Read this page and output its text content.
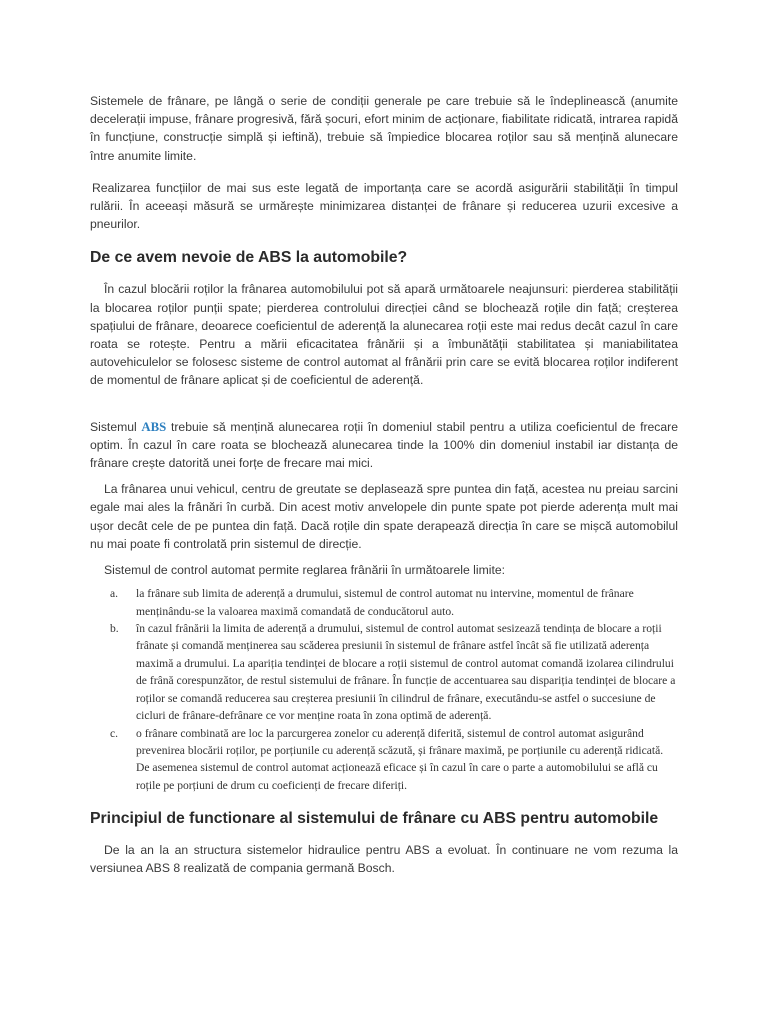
Sistemele de frânare, pe lângă o serie de condiții generale pe care trebuie să le îndeplinească (anumite decelerații impuse, frânare progresivă, fără șocuri, efort minim de acționare, fiabilitate ridicată, intrarea rapidă în funcțiune, construcție simplă și ieftină), trebuie să împiedice blocarea roților sau să mențină alunecare între anumite limite.

Realizarea funcțiilor de mai sus este legată de importanța care se acordă asigurării stabilității în timpul rulării. În aceeași măsură se urmărește minimizarea distanței de frânare și reducerea uzurii excesive a pneurilor.

De ce avem nevoie de ABS la automobile?

În cazul blocării roților la frânarea automobilului pot să apară următoarele neajunsuri: pierderea stabilității la blocarea roților punții spate; pierderea controlului direcției când se blochează roțile din față; creșterea spațiului de frânare, deoarece coeficientul de aderență la alunecarea roții este mai redus decât cazul în care roata se rotește. Pentru a mării eficacitatea frânării și a îmbunătății stabilitatea și maniabilitatea autovehiculelor se folosesc sisteme de control automat al frânării prin care se evită blocarea roților indiferent de momentul de frânare aplicat și de coeficientul de aderență.

Sistemul ABS trebuie să mențină alunecarea roții în domeniul stabil pentru a utiliza coeficientul de frecare optim. În cazul în care roata se blochează alunecarea tinde la 100% din domeniul instabil iar distanța de frânare crește datorită unei forțe de frecare mai mici.

La frânarea unui vehicul, centru de greutate se deplasează spre puntea din față, acestea nu preiau sarcini egale mai ales la frânări în curbă. Din acest motiv anvelopele din punte spate pot pierde aderența mult mai ușor decât cele de pe puntea din față. Dacă roțile din spate derapează direcția în care se mișcă automobilul nu mai poate fi controlată prin sistemul de direcție.

Sistemul de control automat permite reglarea frânării în următoarele limite:

a. la frânare sub limita de aderență a drumului, sistemul de control automat nu intervine, momentul de frânare menținându-se la valoarea maximă comandată de conducătorul auto.
b. în cazul frânării la limita de aderență a drumului, sistemul de control automat sesizează tendința de blocare a roții frânate și comandă menținerea sau scăderea presiunii în sistemul de frânare astfel încât să fie utilizată aderența maximă a drumului. La apariția tendinței de blocare a roții sistemul de control automat comandă izolarea cilindrului de frână corespunzător, de restul sistemului de frânare. În funcție de accentuarea sau dispariția tendinței de blocare a roților se comandă reducerea sau creșterea presiunii în cilindrul de frânare, executându-se astfel o succesiune de cicluri de frânare-defrânare ce vor menține roata în zona optimă de aderență.
c. o frânare combinată are loc la parcurgerea zonelor cu aderență diferită, sistemul de control automat asigurând prevenirea blocării roților, pe porțiunile cu aderență scăzută, și frânare maximă, pe porțiunile cu aderență ridicată. De asemenea sistemul de control automat acționează eficace și în cazul în care o parte a automobilului se află cu roțile pe porțiuni de drum cu coeficienți de frecare diferiți.
Principiul de functionare al sistemului de frânare cu ABS pentru automobile

De la an la an structura sistemelor hidraulice pentru ABS a evoluat. În continuare ne vom rezuma la versiunea ABS 8 realizată de compania germană Bosch.
